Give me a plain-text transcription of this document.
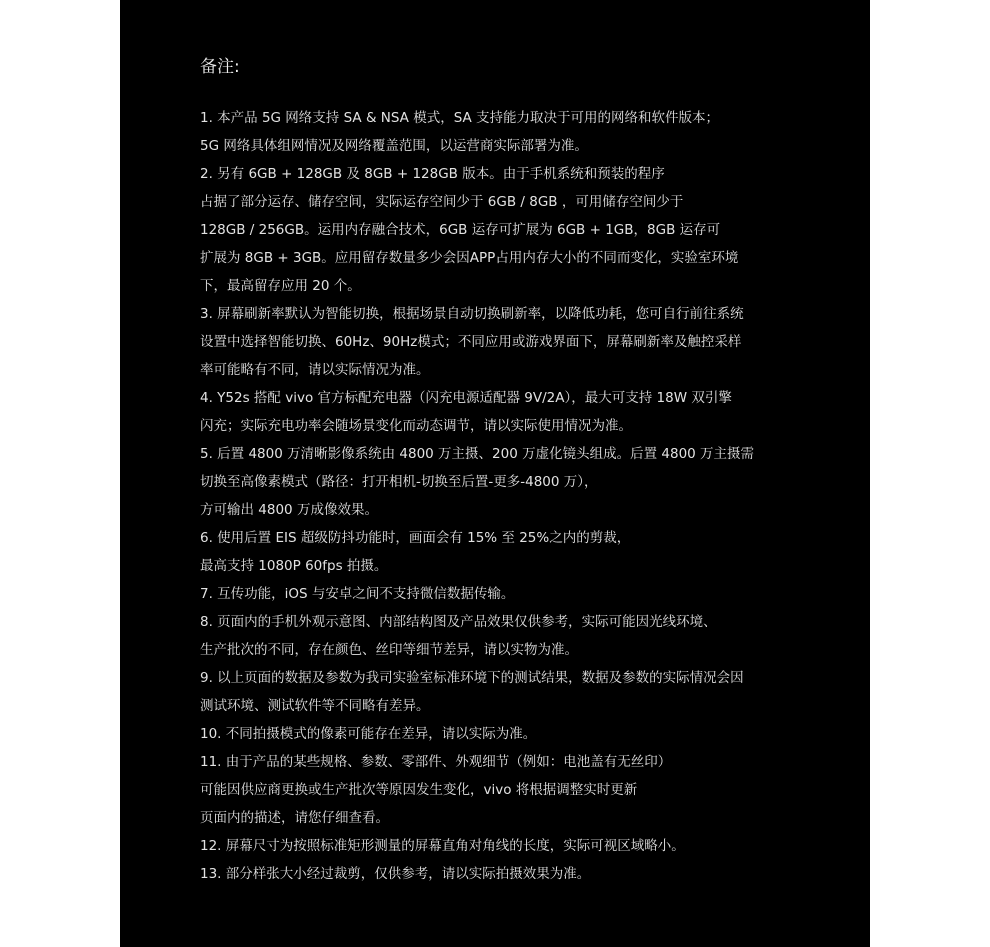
备注:
1. 本产品 5G 网络支持 SA & NSA 模式，SA 支持能力取决于可用的网络和软件版本；
5G 网络具体组网情况及网络覆盖范围，以运营商实际部署为准。
2. 另有 6GB + 128GB 及 8GB + 128GB 版本。由于手机系统和预装的程序
占据了部分运存、储存空间，实际运存空间少于 6GB / 8GB ，可用储存空间少于
128GB / 256GB。运用内存融合技术，6GB 运存可扩展为 6GB + 1GB，8GB 运存可
扩展为 8GB + 3GB。应用留存数量多少会因APP占用内存大小的不同而变化，实验室环境
下，最高留存应用 20 个。
3. 屏幕刷新率默认为智能切换，根据场景自动切换刷新率，以降低功耗，您可自行前往系统
设置中选择智能切换、60Hz、90Hz模式；不同应用或游戏界面下，屏幕刷新率及触控采样
率可能略有不同，请以实际情况为准。
4. Y52s 搭配 vivo 官方标配充电器（闪充电源适配器 9V/2A），最大可支持 18W 双引擎
闪充；实际充电功率会随场景变化而动态调节，请以实际使用情况为准。
5. 后置 4800 万清晰影像系统由 4800 万主摄、200 万虚化镜头组成。后置 4800 万主摄需
切换至高像素模式（路径：打开相机-切换至后置-更多-4800 万），
方可输出 4800 万成像效果。
6. 使用后置 EIS 超级防抖功能时，画面会有 15% 至 25%之内的剪裁，
最高支持 1080P 60fps 拍摄。
7. 互传功能，iOS 与安卓之间不支持微信数据传输。
8. 页面内的手机外观示意图、内部结构图及产品效果仅供参考，实际可能因光线环境、
生产批次的不同，存在颜色、丝印等细节差异，请以实物为准。
9. 以上页面的数据及参数为我司实验室标准环境下的测试结果，数据及参数的实际情况会因
测试环境、测试软件等不同略有差异。
10. 不同拍摄模式的像素可能存在差异，请以实际为准。
11. 由于产品的某些规格、参数、零部件、外观细节（例如：电池盖有无丝印）
可能因供应商更换或生产批次等原因发生变化，vivo 将根据调整实时更新
页面内的描述，请您仔细查看。
12. 屏幕尺寸为按照标准矩形测量的屏幕直角对角线的长度，实际可视区域略小。
13. 部分样张大小经过裁剪，仅供参考，请以实际拍摄效果为准。
